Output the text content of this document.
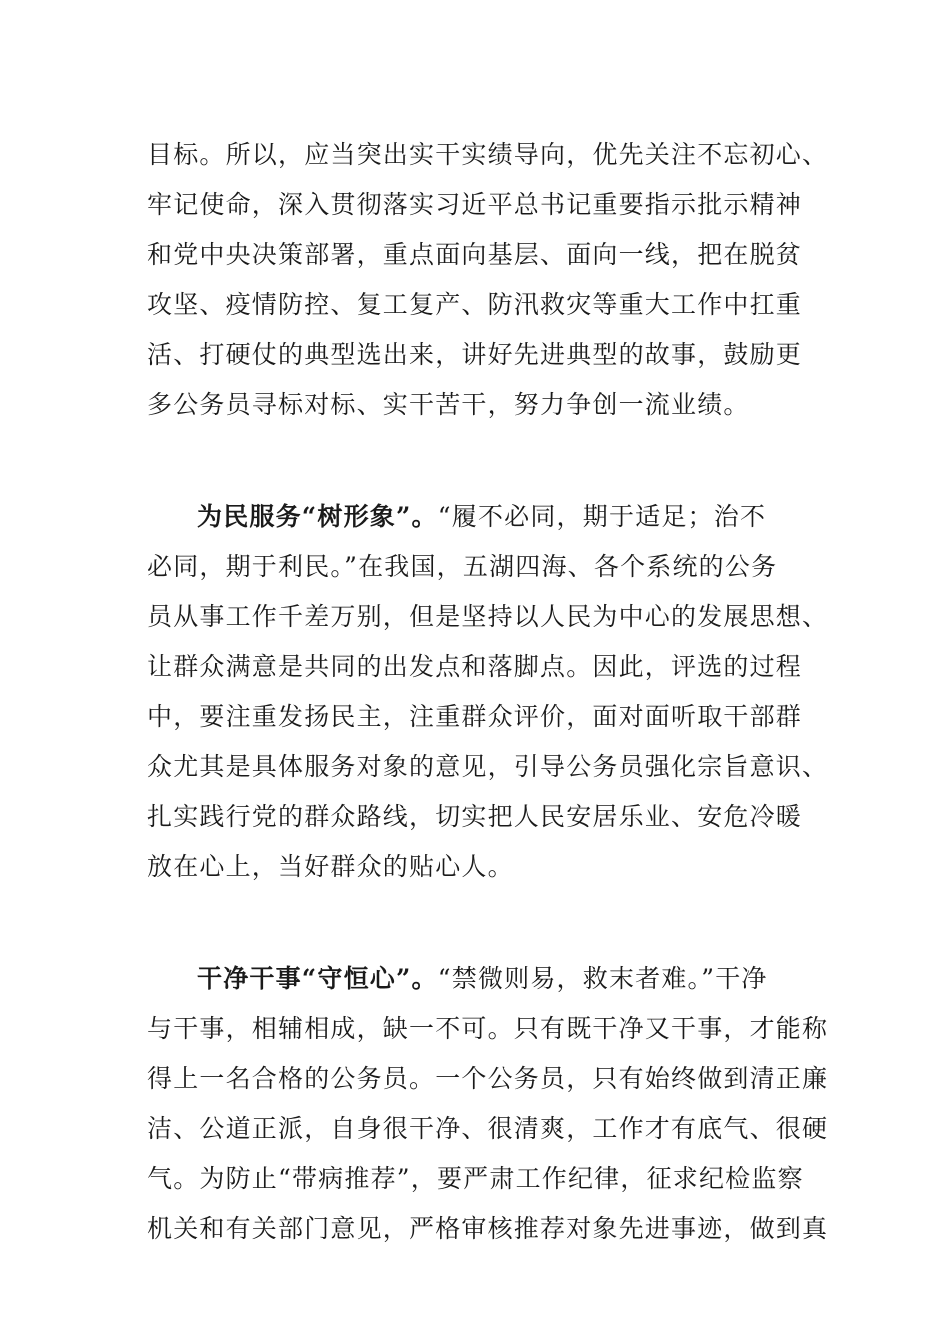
目标。所以，应当突出实干实绩导向，优先关注不忘初心、
牢记使命，深入贯彻落实习近平总书记重要指示批示精神
和党中央决策部署，重点面向基层、面向一线，把在脱贫
攻坚、疫情防控、复工复产、防汛救灾等重大工作中扛重
活、打硬仗的典型选出来，讲好先进典型的故事，鼓励更
多公务员寻标对标、实干苦干，努力争创一流业绩。

为民服务“树形象”。“履不必同，期于适足；治不
必同，期于利民。”在我国，五湖四海、各个系统的公务
员从事工作千差万别，但是坚持以人民为中心的发展思想、
让群众满意是共同的出发点和落脚点。因此，评选的过程
中，要注重发扬民主，注重群众评价，面对面听取干部群
众尤其是具体服务对象的意见，引导公务员强化宗旨意识、
扎实践行党的群众路线，切实把人民安居乐业、安危冷暖
放在心上，当好群众的贴心人。

干净干事“守恒心”。“禁微则易，救末者难。”干净
与干事，相辅相成，缺一不可。只有既干净又干事，才能称
得上一名合格的公务员。一个公务员，只有始终做到清正廉
洁、公道正派，自身很干净、很清爽，工作才有底气、很硬
气。为防止“带病推荐”，要严肃工作纪律，征求纪检监察
机关和有关部门意见，严格审核推荐对象先进事迹，做到真
